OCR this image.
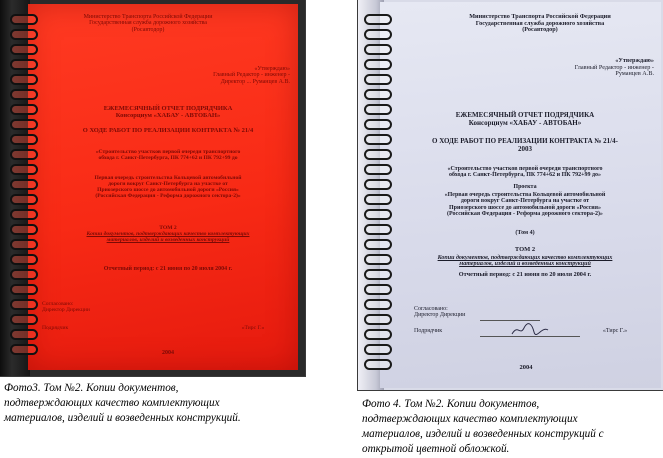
Министерство Транспорта Российской Федерации
Государственная служба дорожного хозяйства
(Росавтодор)
«Утверждаю»
Главный Редактор - инженер -
Директор ... Руманцев А.В.
ЕЖЕМЕСЯЧНЫЙ ОТЧЕТ ПОДРЯДЧИКА
Консорциум «ХАБАУ - АВТОБАН»
О ХОДЕ РАБОТ ПО РЕАЛИЗАЦИИ КОНТРАКТА № 21/4
«Строительство участков первой очереди транспортного
обхода г. Санкт-Петербурга, ПК 774+62 и ПК 792+99 до
Первая очередь строительства Кольцевой автомобильной
дороги вокруг Санкт-Петербурга на участке от
Приозерского шоссе до автомобильной дороги «Россия»
(Российская Федерация - Реформа дорожного сектора-2)»
ТОМ 2
Копии документов, подтверждающих качество комплектующих
материалов, изделий и возведенных конструкций
Отчетный период: с 21 июня по 20 июля 2004 г.
Согласовано:
Директор Дирекции
Подрядчик	«Тирс Г.»
2004
Министерство Транспорта Российской Федерации
Государственная служба дорожного хозяйства
(Росавтодор)
«Утверждаю»
Главный Редактор - инженер -
Руманцев А.В.
ЕЖЕМЕСЯЧНЫЙ ОТЧЕТ ПОДРЯДЧИКА
Консорциум «ХАБАУ - АВТОБАН»
О ХОДЕ РАБОТ ПО РЕАЛИЗАЦИИ КОНТРАКТА № 21/4-
2003
«Строительство участков первой очереди транспортного
обхода г. Санкт-Петербурга, ПК 774+62 и ПК 792+99 до»
Проекта
«Первая очередь строительства Кольцевой автомобильной
дороги вокруг Санкт-Петербурга на участке от
Приозерского шоссе до автомобильной дороги «Россия»
(Российская Федерация - Реформа дорожного сектора-2)»
(Том 4)
ТОМ 2
Копии документов, подтверждающих качество комплектующих
материалов, изделий и возведенных конструкций
Отчетный период: с 21 июня по 20 июля 2004 г.
Согласовано:
Директор Дирекции
Подрядчик	«Тирс Г.»
2004
Фото3. Том №2. Копии документов,
подтверждающих качество комплектующих
материалов, изделий и возведенных конструкций.
Фото 4. Том №2. Копии документов,
подтверждающих качество комплектующих
материалов, изделий и возведенных конструкций с
открытой цветной обложкой.
